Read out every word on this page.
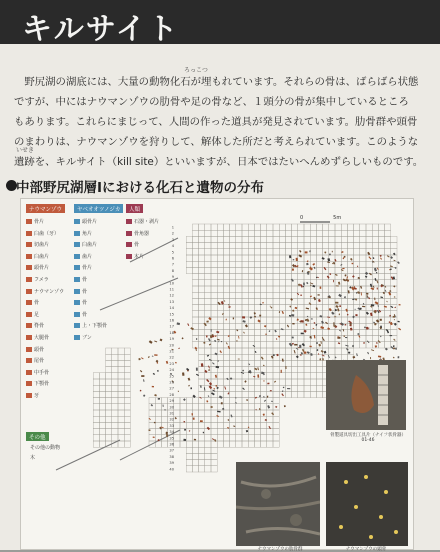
キルサイト
　野尻湖の湖底には、大量の動物化石が埋もれています。それらの骨は、ばらばら状態
ですが、中にはナウマンゾウの肋骨や足の骨など、１頭分の骨が集中しているところ
もあります。これらにまじって、人間の作った道具が発見されています。肋骨群や頭骨
のまわりは、ナウマンゾウを狩りして、解体した所だと考えられています。このような
遺跡を、キルサイト（kill site）といいますが、日本ではたいへんめずらしいものです。
ろっこつ
いせき
中部野尻湖層Ⅰにおける化石と遺物の分布
ナウマンゾウ	ヤベオオツノジカ	人類
骨片
臼歯（牙）
切歯片
臼歯片
頭骨片
フメラ
ナウマンゾウ
骨
足
脊骨
大腿骨
頭骨
尾骨
中手骨
下顎骨
牙
頭骨片
角片
臼歯片
歯片
骨片
骨
骨
骨
骨
上・下顎骨
ブン
石器・剥片
骨角器
骨
木片
その他
その他の動物
木
0　　　　　　5m
1
2
3
4
5
6
7
8
9
10
11
12
13
14
15
16
17
18
19
20
21
22
23
24
25
26
27
28
29
30
31
32
33
34
35
36
37
38
39
40
骨製道具切出工具片（ナイフ状骨器）01-46
ナウマンゾウの肋骨群	ナウマンゾウの頭骨
